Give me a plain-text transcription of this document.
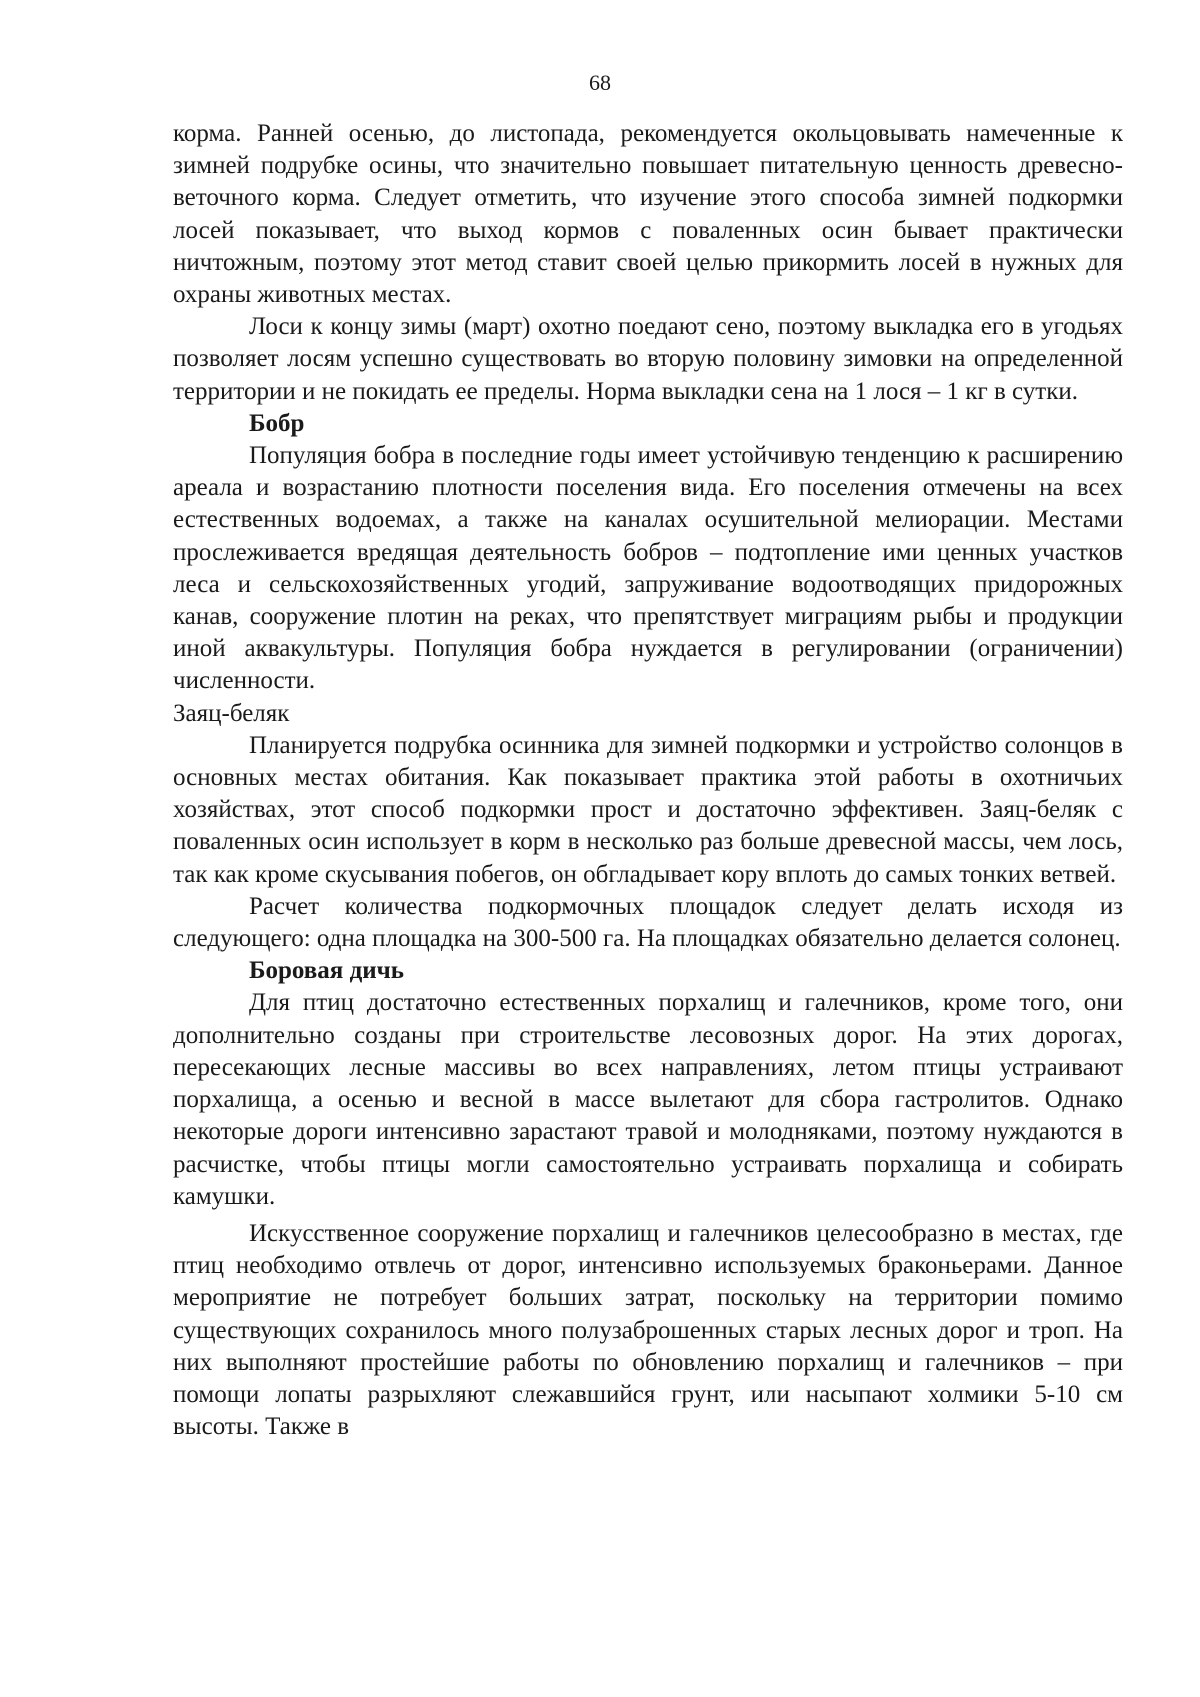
68

корма. Ранней осенью, до листопада, рекомендуется окольцовывать намеченные к зимней подрубке осины, что значительно повышает питательную ценность древесно-веточного корма. Следует отметить, что изучение этого способа зимней подкормки лосей показывает, что выход кормов с поваленных осин бывает практически ничтожным, поэтому этот метод ставит своей целью прикормить лосей в нужных для охраны животных местах.

Лоси к концу зимы (март) охотно поедают сено, поэтому выкладка его в угодьях позволяет лосям успешно существовать во вторую половину зимовки на определенной территории и не покидать ее пределы. Норма выкладки сена на 1 лося – 1 кг в сутки.

Бобр

Популяция бобра в последние годы имеет устойчивую тенденцию к расширению ареала и возрастанию плотности поселения вида. Его поселения отмечены на всех естественных водоемах, а также на каналах осушительной мелиорации. Местами прослеживается вредящая деятельность бобров – подтопление ими ценных участков леса и сельскохозяйственных угодий, запруживание водоотводящих придорожных канав, сооружение плотин на реках, что препятствует миграциям рыбы и продукции иной аквакультуры. Популяция бобра нуждается в регулировании (ограничении) численности.

Заяц-беляк

Планируется подрубка осинника для зимней подкормки и устройство солонцов в основных местах обитания. Как показывает практика этой работы в охотничьих хозяйствах, этот способ подкормки прост и достаточно эффективен. Заяц-беляк с поваленных осин использует в корм в несколько раз больше древесной массы, чем лось, так как кроме скусывания побегов, он обгладывает кору вплоть до самых тонких ветвей.

Расчет количества подкормочных площадок следует делать исходя из следующего: одна площадка на 300-500 га. На площадках обязательно делается солонец.

Боровая дичь

Для птиц достаточно естественных порхалищ и галечников, кроме того, они дополнительно созданы при строительстве лесовозных дорог. На этих дорогах, пересекающих лесные массивы во всех направлениях, летом птицы устраивают порхалища, а осенью и весной в массе вылетают для сбора гастролитов. Однако некоторые дороги интенсивно зарастают травой и молодняками, поэтому нуждаются в расчистке, чтобы птицы могли самостоятельно устраивать порхалища и собирать камушки.

Искусственное сооружение порхалищ и галечников целесообразно в местах, где птиц необходимо отвлечь от дорог, интенсивно используемых браконьерами. Данное мероприятие не потребует больших затрат, поскольку на территории помимо существующих сохранилось много полузаброшенных старых лесных дорог и троп. На них выполняют простейшие работы по обновлению порхалищ и галечников – при помощи лопаты разрыхляют слежавшийся грунт, или насыпают холмики 5-10 см высоты. Также в
